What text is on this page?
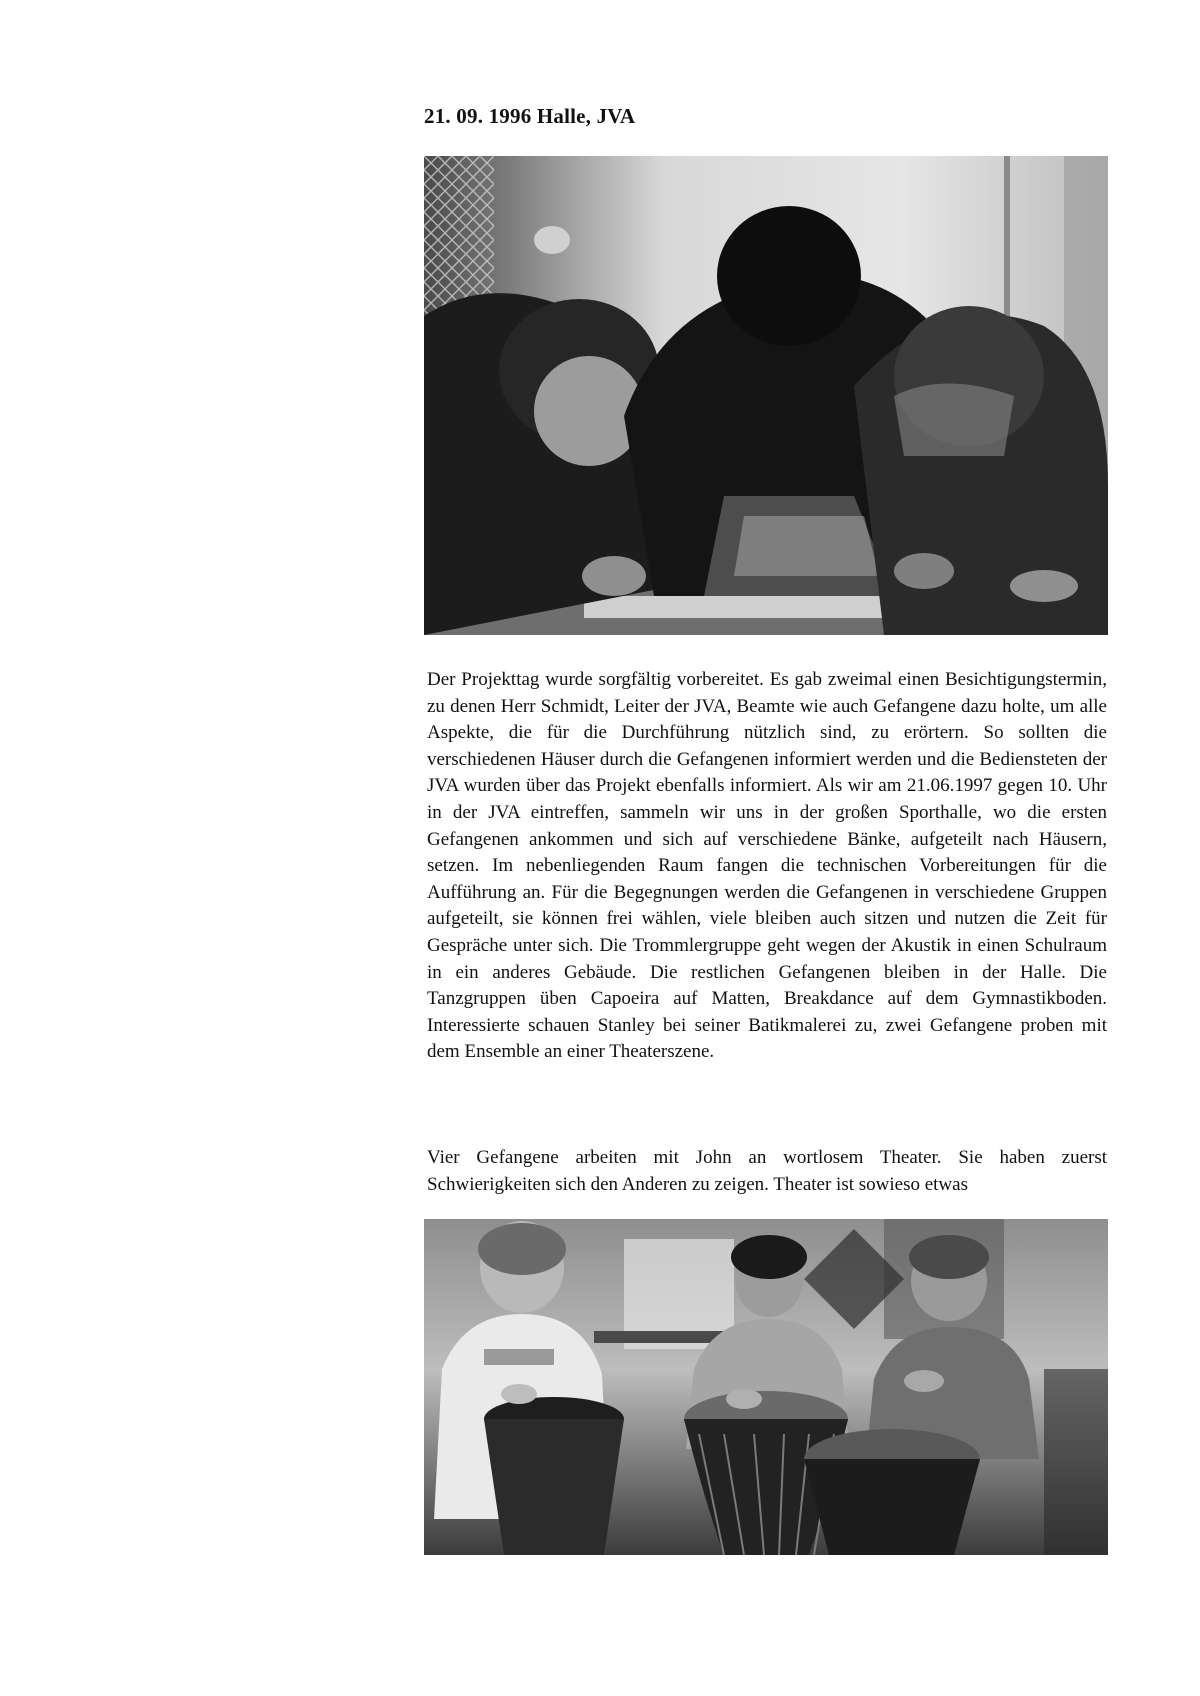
21. 09. 1996 Halle, JVA

Der Projekttag wurde sorgfältig vorbereitet. Es gab zweimal einen Besichtigungstermin, zu denen Herr Schmidt, Leiter der JVA, Beamte wie auch Gefangene dazu holte, um alle Aspekte, die für die Durchführung nützlich sind, zu erörtern. So sollten die verschiedenen Häuser durch die Gefangenen informiert werden und die Bediensteten der JVA wurden über das Projekt ebenfalls informiert. Als wir am 21.06.1997 gegen 10. Uhr in der JVA eintreffen, sammeln wir uns in der großen Sporthalle, wo die ersten Gefangenen ankommen und sich auf verschiedene Bänke, aufgeteilt nach Häusern, setzen. Im nebenliegenden Raum fangen die technischen Vorbereitungen für die Aufführung an. Für die Begegnungen werden die Gefangenen in verschiedene Gruppen aufgeteilt, sie können frei wählen, viele bleiben auch sitzen und nutzen die Zeit für Gespräche unter sich. Die Trommlergruppe geht wegen der Akustik in einen Schulraum in ein anderes Gebäude. Die restlichen Gefangenen bleiben in der Halle. Die Tanzgruppen üben Capoeira auf Matten, Breakdance auf dem Gymnastikboden. Interessierte schauen Stanley bei seiner Batikmalerei zu, zwei Gefangene proben mit dem Ensemble an einer Theaterszene.

Vier Gefangene arbeiten mit John an wortlosem Theater. Sie haben zuerst Schwierigkeiten sich den Anderen zu zeigen. Theater ist sowieso etwas
